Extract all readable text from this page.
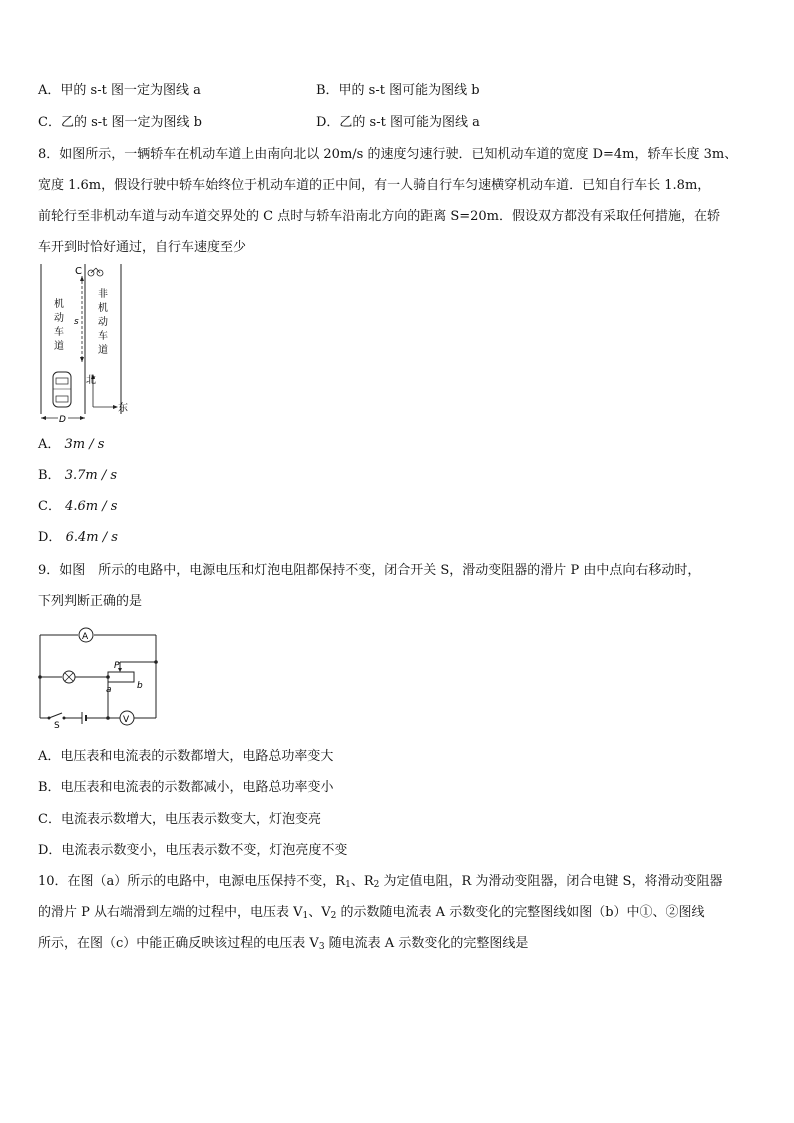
A．甲的 s-t 图一定为图线 a	B．甲的 s-t 图可能为图线 b
C．乙的 s-t 图一定为图线 b	D．乙的 s-t 图可能为图线 a
8．如图所示，一辆轿车在机动车道上由南向北以 20m/s 的速度匀速行驶．已知机动车道的宽度 D=4m，轿车长度 3m、
宽度 1.6m，假设行驶中轿车始终位于机动车道的正中间，有一人骑自行车匀速横穿机动车道．已知自行车长 1.8m，
前轮行至非机动车道与动车道交界处的 C 点时与轿车沿南北方向的距离 S=20m．假设双方都没有采取任何措施，在轿
车开到时恰好通过，自行车速度至少
C
s
机
动
车
道
非
机
动
车
道
北
东
D
A． 3m / s
B． 3.7m / s
C． 4.6m / s
D． 6.4m / s
9．如图　所示的电路中，电源电压和灯泡电阻都保持不变，闭合开关 S，滑动变阻器的滑片 P 由中点向右移动时，
下列判断正确的是
A
P
a	b
S
V
A．电压表和电流表的示数都增大，电路总功率变大
B．电压表和电流表的示数都减小，电路总功率变小
C．电流表示数增大，电压表示数变大，灯泡变亮
D．电流表示数变小，电压表示数不变，灯泡亮度不变
10．在图（a）所示的电路中，电源电压保持不变，$R_1$、$R_2$ 为定值电阻，R 为滑动变阻器，闭合电键 S，将滑动变阻器
的滑片 P 从右端滑到左端的过程中，电压表 $V_1$、$V_2$ 的示数随电流表 A 示数变化的完整图线如图（b）中①、②图线
所示，在图（c）中能正确反映该过程的电压表 $V_3$ 随电流表 A 示数变化的完整图线是
